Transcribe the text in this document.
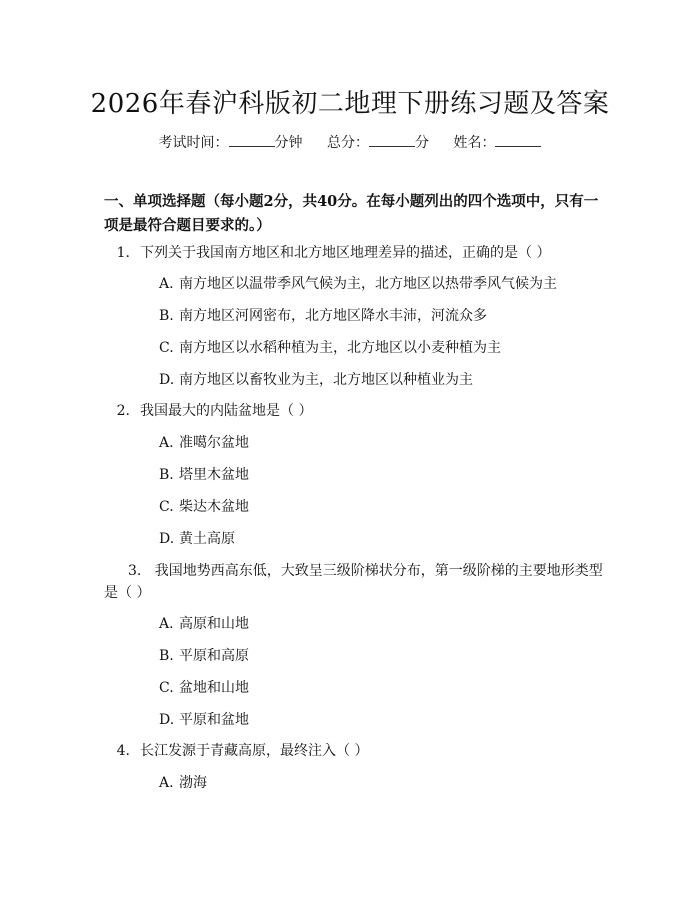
2026年春沪科版初二地理下册练习题及答案
考试时间：	分钟 总分：	分 姓名：
一、单项选择题（每小题2分，共40分。在每小题列出的四个选项中，只有一项是最符合题目要求的。）
1. 下列关于我国南方地区和北方地区地理差异的描述，正确的是（ ）
A. 南方地区以温带季风气候为主，北方地区以热带季风气候为主
B. 南方地区河网密布，北方地区降水丰沛，河流众多
C. 南方地区以水稻种植为主，北方地区以小麦种植为主
D. 南方地区以畜牧业为主，北方地区以种植业为主
2. 我国最大的内陆盆地是（ ）
A. 准噶尔盆地
B. 塔里木盆地
C. 柴达木盆地
D. 黄土高原
3. 我国地势西高东低，大致呈三级阶梯状分布，第一级阶梯的主要地形类型是（ ）
A. 高原和山地
B. 平原和高原
C. 盆地和山地
D. 平原和盆地
4. 长江发源于青藏高原，最终注入（ ）
A. 渤海
